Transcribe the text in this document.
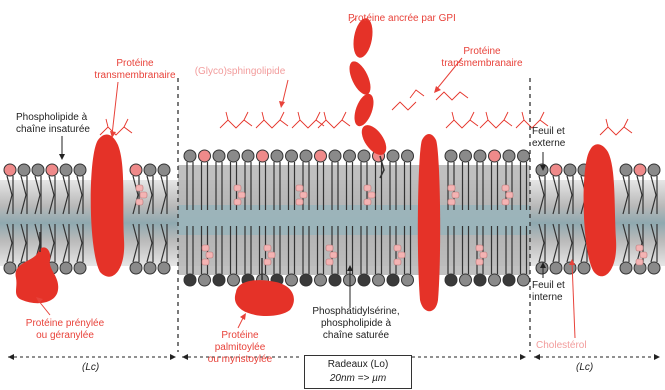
Protéine ancrée par GPI
(Glyco)sphingolipide
Protéine
transmembranaire
Protéine
transmembranaire
Phospholipide à
chaîne insaturée	Feuil et
externe
Feuil et
interne
Protéine prénylée
ou géranylée	Protéine
palmitoylée
ou myristoylée
Phosphatidylsérine,
phospholipide à
chaîne saturée
Cholestérol
(Lc)	(Lc)
Radeaux (Lo)
20nm => µm
